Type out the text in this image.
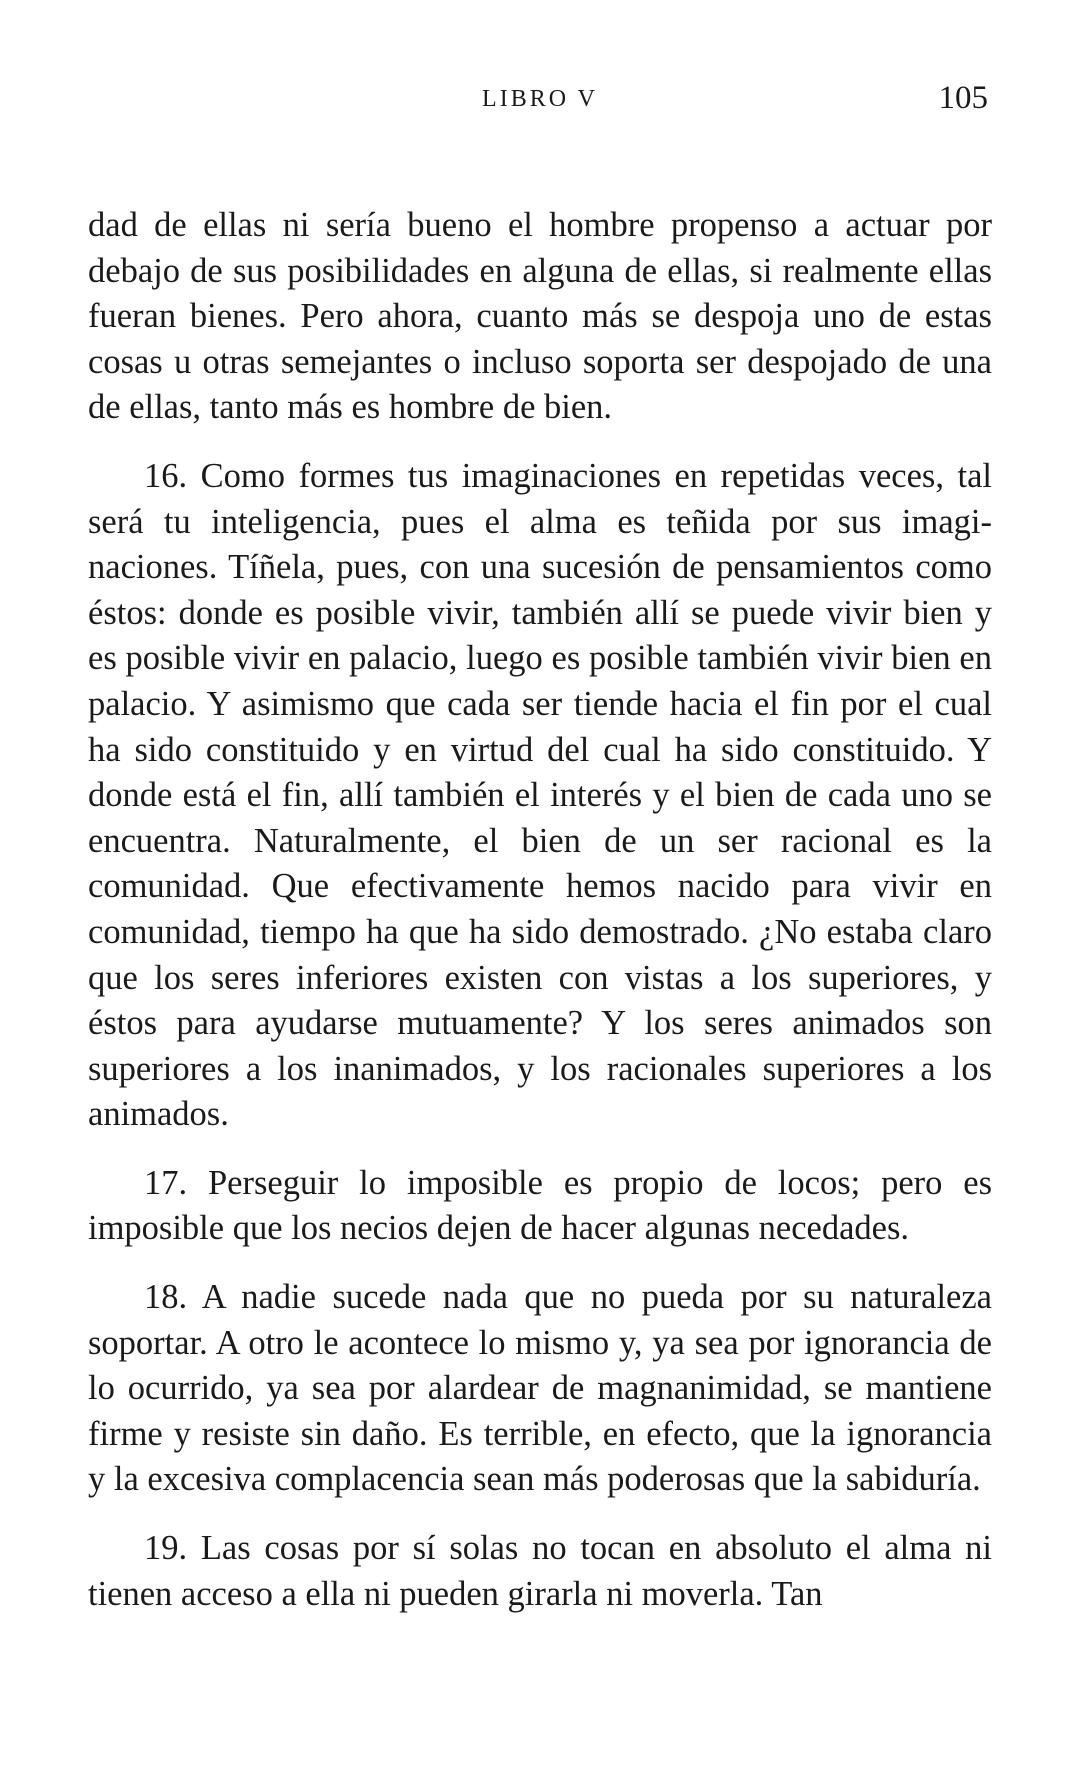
LIBRO V	105

dad de ellas ni sería bueno el hombre propenso a actuar por debajo de sus posibilidades en alguna de ellas, si realmente ellas fueran bienes. Pero ahora, cuanto más se despoja uno de estas cosas u otras semejantes o incluso soporta ser despojado de una de ellas, tanto más es hombre de bien.

16. Como formes tus imaginaciones en repetidas veces, tal será tu inteligencia, pues el alma es teñida por sus imaginaciones. Tíñela, pues, con una sucesión de pensamientos como éstos: donde es posible vivir, también allí se puede vivir bien y es posible vivir en palacio, luego es posible también vivir bien en palacio. Y asimismo que cada ser tiende hacia el fin por el cual ha sido constituido y en virtud del cual ha sido constituido. Y donde está el fin, allí también el interés y el bien de cada uno se encuentra. Naturalmente, el bien de un ser racional es la comunidad. Que efectivamente hemos nacido para vivir en comunidad, tiempo ha que ha sido demostrado. ¿No estaba claro que los seres inferiores existen con vistas a los superiores, y éstos para ayudarse mutuamente? Y los seres animados son superiores a los inanimados, y los racionales superiores a los animados.

17. Perseguir lo imposible es propio de locos; pero es imposible que los necios dejen de hacer algunas necedades.

18. A nadie sucede nada que no pueda por su naturaleza soportar. A otro le acontece lo mismo y, ya sea por ignorancia de lo ocurrido, ya sea por alardear de magnanimidad, se mantiene firme y resiste sin daño. Es terrible, en efecto, que la ignorancia y la excesiva complacencia sean más poderosas que la sabiduría.

19. Las cosas por sí solas no tocan en absoluto el alma ni tienen acceso a ella ni pueden girarla ni moverla. Tan
